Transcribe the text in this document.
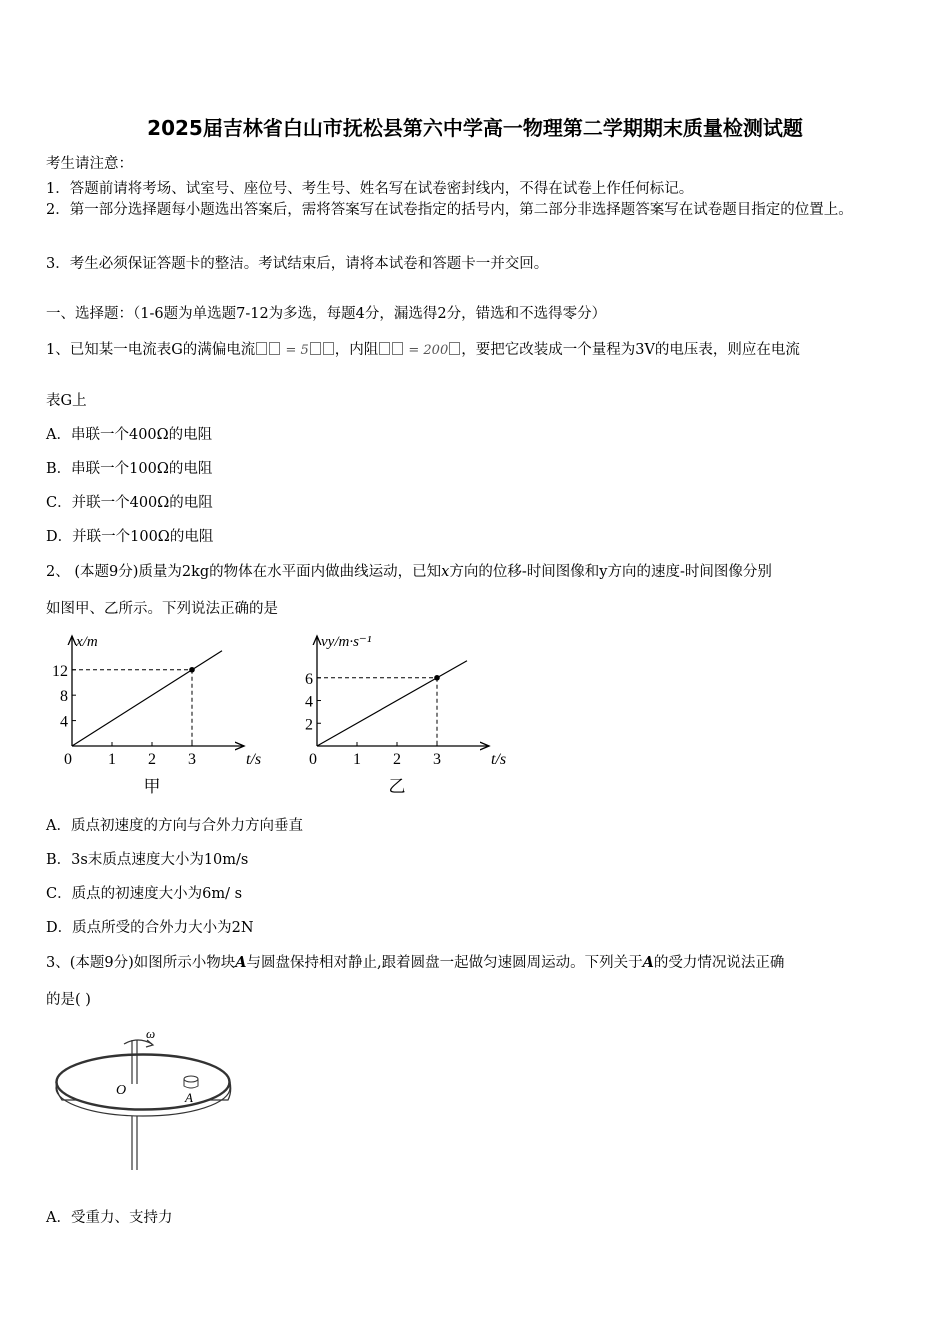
2025届吉林省白山市抚松县第六中学高一物理第二学期期末质量检测试题
考生请注意：
1．答题前请将考场、试室号、座位号、考生号、姓名写在试卷密封线内，不得在试卷上作任何标记。
2．第一部分选择题每小题选出答案后，需将答案写在试卷指定的括号内，第二部分非选择题答案写在试卷题目指定的位置上。
3．考生必须保证答题卡的整洁。考试结束后，请将本试卷和答题卡一并交回。
一、选择题：（1-6题为单选题7-12为多选，每题4分，漏选得2分，错选和不选得零分）
1、已知某一电流表G的满偏电流 = 5 ，内阻 = 200 ，要把它改装成一个量程为3V的电压表，则应在电流
表G上
A．串联一个400Ω的电阻
B．串联一个100Ω的电阻
C．并联一个400Ω的电阻
D．并联一个100Ω的电阻
2、 (本题9分)质量为2kg的物体在水平面内做曲线运动，已知x方向的位移-时间图像和y方向的速度-时间图像分别
如图甲、乙所示。下列说法正确的是
0 1 2 3
4
8
12
t/s
x/m
甲
0 1 2 3
2
4
6
t/s
vy/m·s⁻¹
乙
A．质点初速度的方向与合外力方向垂直
B．3s末质点速度大小为10m/s
C．质点的初速度大小为6m/ s
D．质点所受的合外力大小为2N
3、(本题9分)如图所示小物块A与圆盘保持相对静止,跟着圆盘一起做匀速圆周运动。下列关于A的受力情况说法正确
的是( )
ω
O	A
A．受重力、支持力
